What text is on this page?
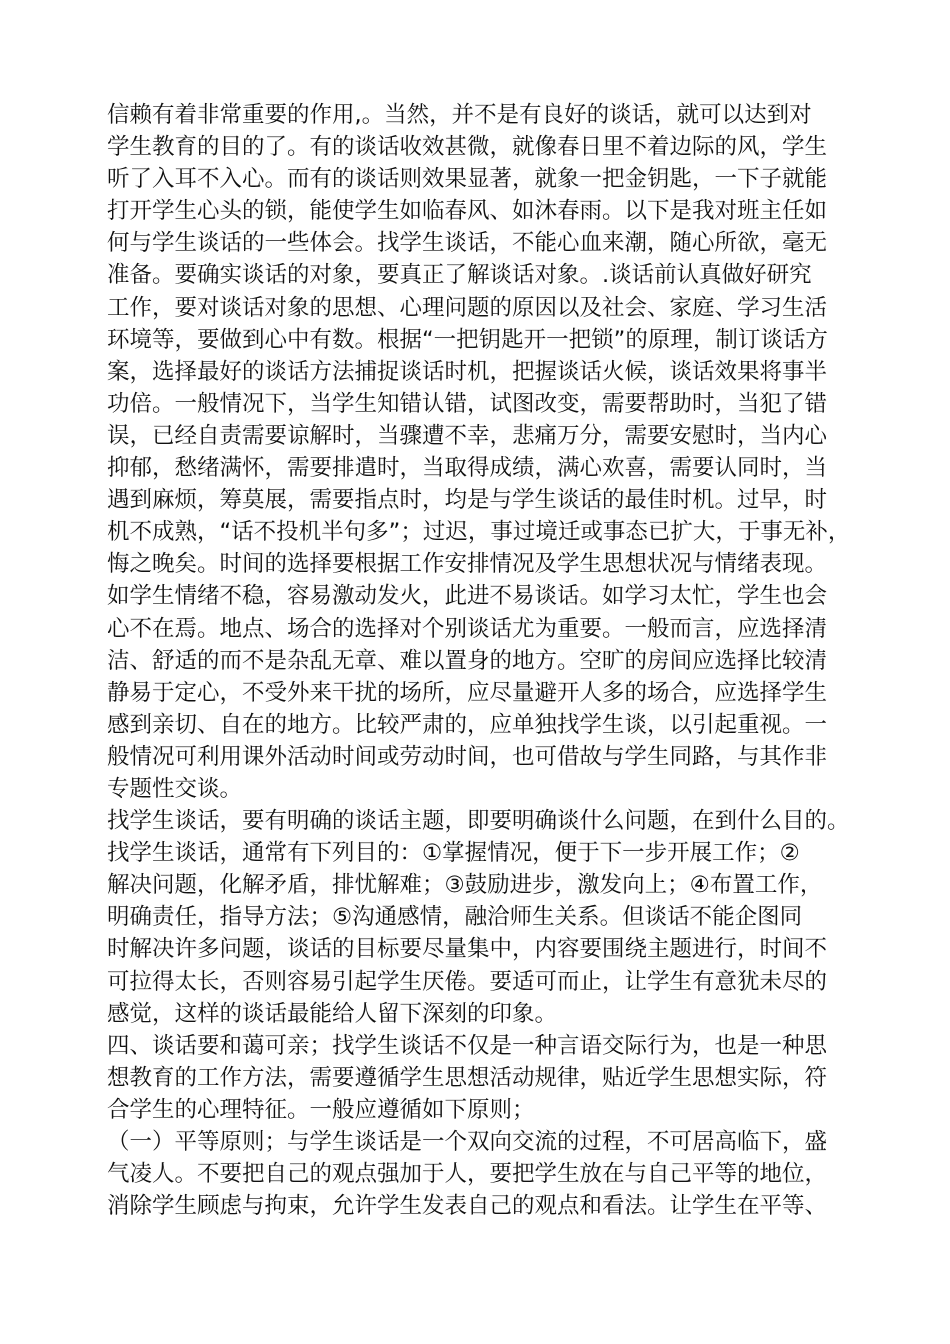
信赖有着非常重要的作用,。当然，并不是有良好的谈话，就可以达到对
学生教育的目的了。有的谈话收效甚微，就像春日里不着边际的风，学生
听了入耳不入心。而有的谈话则效果显著，就象一把金钥匙，一下子就能
打开学生心头的锁，能使学生如临春风、如沐春雨。以下是我对班主任如
何与学生谈话的一些体会。找学生谈话，不能心血来潮，随心所欲，毫无
准备。要确实谈话的对象，要真正了解谈话对象。.谈话前认真做好研究
工作，要对谈话对象的思想、心理问题的原因以及社会、家庭、学习生活
环境等，要做到心中有数。根据“一把钥匙开一把锁”的原理，制订谈话方
案，选择最好的谈话方法捕捉谈话时机，把握谈话火候，谈话效果将事半
功倍。一般情况下，当学生知错认错，试图改变，需要帮助时，当犯了错
误，已经自责需要谅解时，当骤遭不幸，悲痛万分，需要安慰时，当内心
抑郁，愁绪满怀，需要排遣时，当取得成绩，满心欢喜，需要认同时，当
遇到麻烦，筹莫展，需要指点时，均是与学生谈话的最佳时机。过早，时
机不成熟，“话不投机半句多”；过迟，事过境迁或事态已扩大，于事无补，
悔之晚矣。时间的选择要根据工作安排情况及学生思想状况与情绪表现。
如学生情绪不稳，容易激动发火，此进不易谈话。如学习太忙，学生也会
心不在焉。地点、场合的选择对个别谈话尤为重要。一般而言，应选择清
洁、舒适的而不是杂乱无章、难以置身的地方。空旷的房间应选择比较清
静易于定心，不受外来干扰的场所，应尽量避开人多的场合，应选择学生
感到亲切、自在的地方。比较严肃的，应单独找学生谈，以引起重视。一
般情况可利用课外活动时间或劳动时间，也可借故与学生同路，与其作非
专题性交谈。
找学生谈话，要有明确的谈话主题，即要明确谈什么问题，在到什么目的。
找学生谈话，通常有下列目的：①掌握情况，便于下一步开展工作；②
解决问题，化解矛盾，排忧解难；③鼓励进步，激发向上；④布置工作，
明确责任，指导方法；⑤沟通感情，融洽师生关系。但谈话不能企图同
时解决许多问题，谈话的目标要尽量集中，内容要围绕主题进行，时间不
可拉得太长，否则容易引起学生厌倦。要适可而止，让学生有意犹未尽的
感觉，这样的谈话最能给人留下深刻的印象。
四、谈话要和蔼可亲；找学生谈话不仅是一种言语交际行为，也是一种思
想教育的工作方法，需要遵循学生思想活动规律，贴近学生思想实际，符
合学生的心理特征。一般应遵循如下原则；
（一）平等原则；与学生谈话是一个双向交流的过程，不可居高临下，盛
气凌人。不要把自己的观点强加于人，要把学生放在与自己平等的地位，
消除学生顾虑与拘束，允许学生发表自己的观点和看法。让学生在平等、
